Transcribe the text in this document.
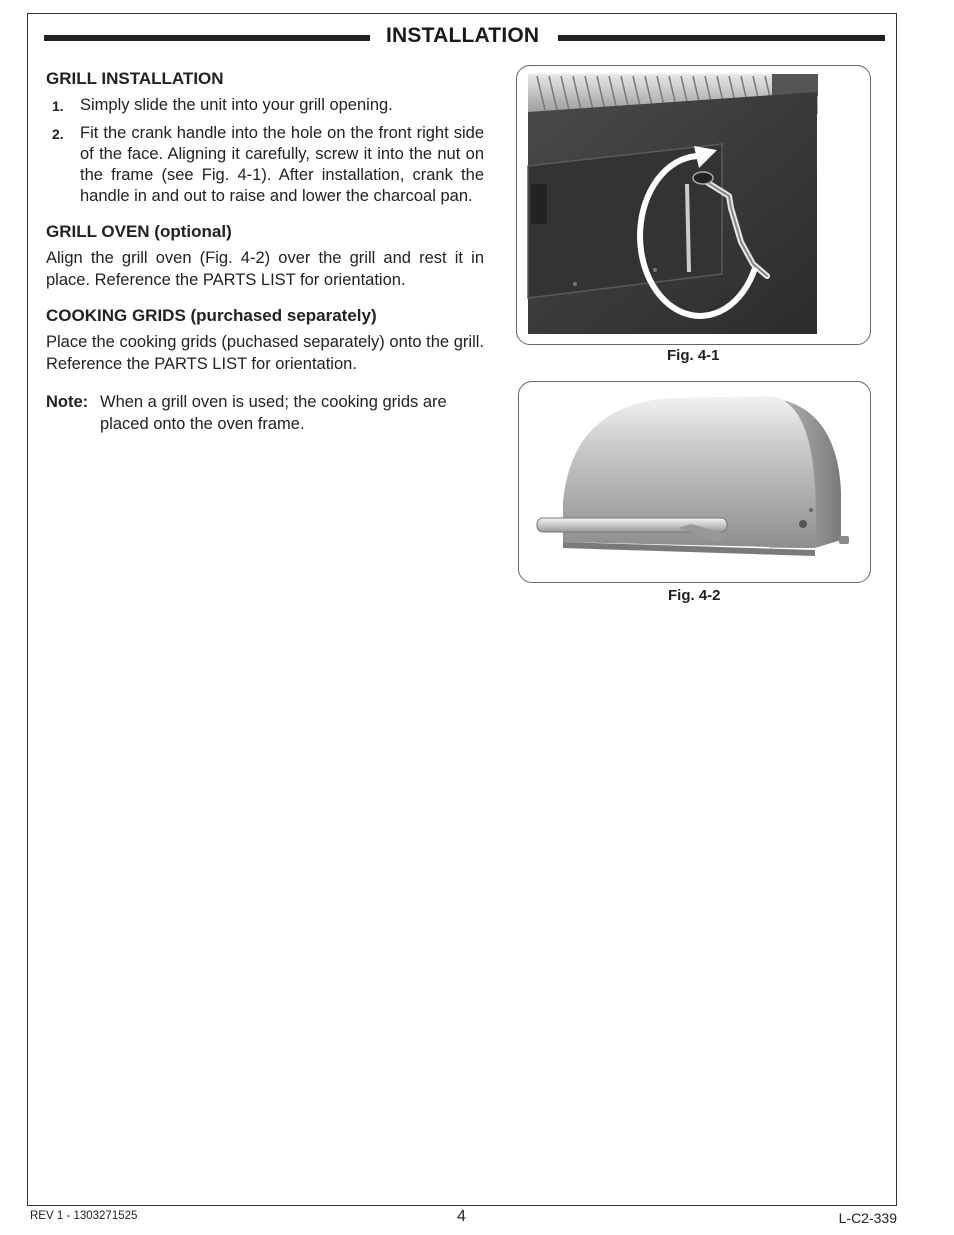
INSTALLATION

GRILL INSTALLATION

1. Simply slide the unit into your grill opening.
2. Fit the crank handle into the hole on the front right side of the face. Aligning it carefully, screw it into the nut on the frame (see Fig. 4-1). After installation, crank the handle in and out to raise and lower the charcoal pan.

GRILL OVEN (optional)

Align the grill oven (Fig. 4-2) over the grill and rest it in place. Reference the PARTS LIST for orientation.

COOKING GRIDS (purchased separately)

Place the cooking grids (puchased separately) onto the grill. Reference the PARTS LIST for orientation.

Note: When a grill oven is used; the cooking grids are placed onto the oven frame.
Fig. 4-1
Fig. 4-2
REV 1 - 1303271525	4	L-C2-339
